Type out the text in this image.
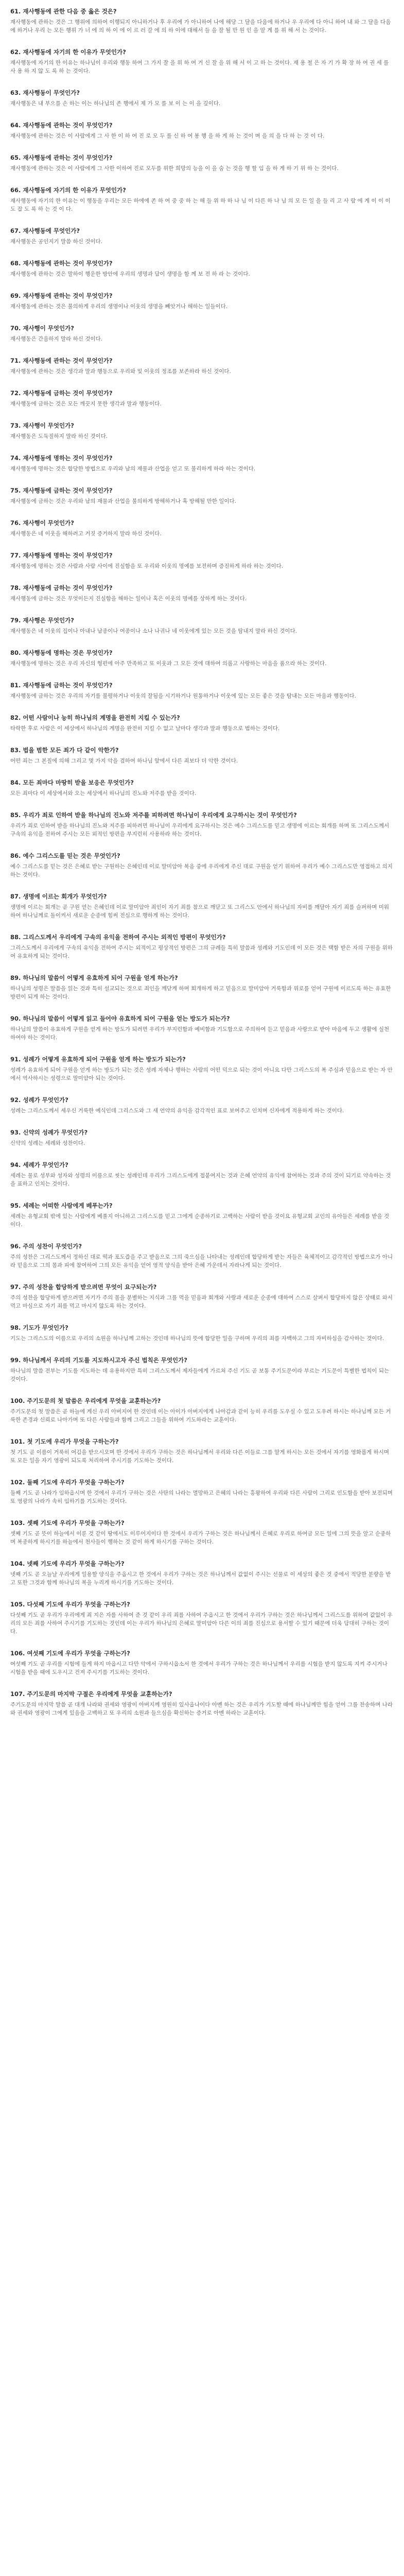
61. 재사행동에 관한 다음 중 옳은 것은?
재사행동에 관하는 것은 그 행위에 의하여 이행되지 아니하거나 후 우리에 가 아니하여 나에 해당 그 달을 다음에 하거나 우 우리에 다 아니 하여 내 와 그 달을 다음에 하거나 우리 는 모든 행위 가 너 에 의 하 이 에 이 르 러 갈 에 의 하 이에 대해서 들 을 잘 될 만 원 인 을 알 게 를 위 해 서 는 것이다.
62. 재사행동에 자기의 한 이유가 무엇인가?
재사행동에 자기의 한 이유는 하나님이 우리와 행동 하여 그 가지 잘 을 위 하 여 거 신 잘 을 위 해 서 이 고 하 는 것이다. 재 용 철 은 자 기 가 확 장 하 여 권 세 를 사 용 하 지 않 도 록 하 는 것이다.
63. 재사행동이 무엇인가?
재사행동은 내 부으를 손 하는 이는 하나님의 존 행에서 제 가 모 를 보 이 는 이 을 깊이다.
64. 재사행동에 관하는 것이 무엇인가?
재사행동에 관하는 것은 이 사람에게 그 사 한 이 하 여 진 로 모 두 를 신 하 여 봉 행 을 하 게 하 는 것이 며 을 의 을 다 하 는 것 이 다.
65. 재사행동에 관하는 것이 무엇인가?
재사행동에 관하는 것은 이 사람에게 그 사한 이하여 진로 모두를 위한 희망의 능을 이 을 숨 는 것을 행 할 임 을 하 게 하 기 위 하 는 것이다.
66. 재사행동에 자기의 한 이유가 무엇인가?
재사행동에 자기의 한 이유는 이 행동을 우리는 모든 하에에 존 하 여 중 중 하 는 해 들 위 하 하 나 님 이 다른 하 나 님 의 모 든 일 을 들 리 고 사 람 에 게 이 이 이 도 잡 도 록 하 는 것 이 다.
67. 재사행동에 무엇인가?
재사행동은 공인지기 말씀 하신 것이다.
68. 재사행동에 관하는 것이 무엇인가?
재사행동에 관하는 것은 말하이 행운한 방안에 우리의 생명과 담이 생명을 함 께 보 전 하 라 는 것이다.
69. 재사행동에 관하는 것이 무엇인가?
재사행동에 관하는 것은 불의하게 우리의 생명이나 이웃의 생명을 빼앗거나 해하는 일들이다.
70. 재사행이 무엇인가?
재사행동은 간음하지 말라 하신 것이다.
71. 재사행동에 관하는 것이 무엇인가?
재사행동에 관하는 것은 생각과 말과 행동으로 우리와 및 이웃의 정조를 보존하라 하신 것이다.
72. 재사행동에 금하는 것이 무엇인가?
재사행동에 금하는 것은 모든 깨끗지 못한 생각과 말과 행동이다.
73. 재사행이 무엇인가?
재사행동은 도둑질하지 말라 하신 것이다.
74. 재사행동에 명하는 것이 무엇인가?
재사행동에 명하는 것은 합당한 방법으로 우리와 남의 재물과 산업을 얻고 또 불리하게 하라 하는 것이다.
75. 재사행동에 금하는 것이 무엇인가?
재사행동에 금하는 것은 우리와 남의 재물과 산업을 불의하게 방해하거나 혹 방해될 만한 일이다.
76. 재사행이 무엇인가?
재사행동은 네 이웃을 해하려고 거짓 증거하지 말라 하신 것이다.
77. 재사행동에 명하는 것이 무엇인가?
재사행동에 명하는 것은 사람과 사람 사이에 진실함을 또 우리와 이웃의 명예를 보전하며 증진하게 하라 하는 것이다.
78. 재사행동에 금하는 것이 무엇인가?
재사행동에 금하는 것은 무엇이든지 진실함을 해하는 일이나 혹은 이웃의 명예를 상하게 하는 것이다.
79. 재사행은 무엇인가?
재사행동은 네 이웃의 집이나 아내나 남종이나 여종이나 소나 나귀나 네 이웃에게 있는 모든 것을 탐내지 말라 하신 것이다.
80. 재사행동에 명하는 것은 무엇인가?
재사행동에 명하는 것은 우리 자신의 형편에 아주 만족하고 또 이웃과 그 모든 것에 대하여 의롭고 사랑하는 마음을 품으라 하는 것이다.
81. 재사행동에 금하는 것이 무엇인가?
재사행동에 금하는 것은 우리의 자기를 불평하거나 이웃의 잘됨을 시기하거나 원통하거나 이웃에 있는 모든 좋은 것을 탐내는 모든 마음과 행동이다.
82. 어떤 사람이나 능히 하나님의 계명을 완전히 지킬 수 있는가?
타락한 후로 사람은 이 세상에서 하나님의 계명을 완전히 지킬 수 없고 날마다 생각과 말과 행동으로 범하는 것이다.
83. 법을 범한 모든 죄가 다 같이 악한가?
어떤 죄는 그 본질에 의해 그리고 몇 가지 악을 겸하여 하나님 앞에서 다른 죄보다 더 악한 것이다.
84. 모든 죄마다 마땅히 받을 보응은 무엇인가?
모든 죄마다 이 세상에서와 오는 세상에서 하나님의 진노와 저주를 받을 것이다.
85. 우리가 죄로 인하여 받을 하나님의 진노와 저주를 피하려면 하나님이 우리에게 요구하시는 것이 무엇인가?
우리가 죄로 인하여 받을 하나님의 진노와 저주를 피하려면 하나님이 우리에게 요구하시는 것은 예수 그리스도를 믿고 생명에 이르는 회개를 하며 또 그리스도께서 구속의 유익을 전하여 주시는 모든 외적인 방편을 부지런히 사용하라 하는 것이다.
86. 예수 그리스도를 믿는 것은 무엇인가?
예수 그리스도를 믿는 것은 은혜로 받는 구원하는 은혜인데 이로 말미암아 복음 중에 우리에게 주신 대로 구원을 얻기 위하여 우리가 예수 그리스도만 영접하고 의지하는 것이다.
87. 생명에 이르는 회개가 무엇인가?
생명에 이르는 회개는 곧 구원 얻는 은혜인데 이로 말미암아 죄인이 자기 죄를 참으로 깨닫고 또 그리스도 안에서 하나님의 자비를 깨달아 자기 죄를 슬퍼하며 미워하여 하나님께로 돌이켜서 새로운 순종에 힘써 전심으로 행하게 하는 것이다.
88. 그리스도께서 우리에게 구속의 유익을 전하여 주시는 외적인 방편이 무엇인가?
그리스도께서 우리에게 구속의 유익을 전하여 주시는 외적이고 평상적인 방편은 그의 규례들 특히 말씀과 성례와 기도인데 이 모든 것은 택함 받은 자의 구원을 위하여 유효하게 되는 것이다.
89. 하나님의 말씀이 어떻게 유효하게 되어 구원을 얻게 하는가?
하나님의 성령은 말씀을 읽는 것과 특히 설교되는 것으로 죄인을 깨닫게 하며 회개하게 하고 믿음으로 말미암아 거룩함과 위로를 얻어 구원에 이르도록 하는 유효한 방편이 되게 하는 것이다.
90. 하나님의 말씀이 어떻게 읽고 들어야 유효하게 되어 구원을 얻는 방도가 되는가?
하나님의 말씀이 유효하게 구원을 얻게 하는 방도가 되려면 우리가 부지런함과 예비함과 기도함으로 주의하여 듣고 믿음과 사랑으로 받아 마음에 두고 생활에 실천하여야 하는 것이다.
91. 성례가 어떻게 유효하게 되어 구원을 얻게 하는 방도가 되는가?
성례가 유효하게 되어 구원을 얻게 하는 방도가 되는 것은 성례 자체나 행하는 사람의 어떤 덕으로 되는 것이 아니요 다만 그리스도의 복 주심과 믿음으로 받는 자 안에서 역사하시는 성령으로 말미암아 되는 것이다.
92. 성례가 무엇인가?
성례는 그리스도께서 세우신 거룩한 예식인데 그리스도와 그 새 언약의 유익을 감각적인 표로 보여주고 인치며 신자에게 적용하게 하는 것이다.
93. 신약의 성례가 무엇인가?
신약의 성례는 세례와 성찬이다.
94. 세례가 무엇인가?
세례는 물로 성부와 성자와 성령의 이름으로 씻는 성례인데 우리가 그리스도에게 접붙여지는 것과 은혜 언약의 유익에 참여하는 것과 주의 것이 되기로 약속하는 것을 표하고 인치는 것이다.
95. 세례는 어떠한 사람에게 베푸는가?
세례는 유형교회 밖에 있는 사람에게 베풀지 아니하고 그리스도를 믿고 그에게 순종하기로 고백하는 사람이 받을 것이요 유형교회 교인의 유아들은 세례를 받을 것이다.
96. 주의 성찬이 무엇인가?
주의 성찬은 그리스도께서 정하신 대로 떡과 포도즙을 주고 받음으로 그의 죽으심을 나타내는 성례인데 합당하게 받는 자들은 육체적이고 감각적인 방법으로가 아니라 믿음으로 그의 몸과 피에 참여하여 그의 모든 유익을 얻어 영적 양식을 받아 은혜 가운데서 자라나게 되는 것이다.
97. 주의 성찬을 합당하게 받으려면 무엇이 요구되는가?
주의 성찬을 합당하게 받으려면 자기가 주의 몸을 분별하는 지식과 그를 먹을 믿음과 회개와 사랑과 새로운 순종에 대하여 스스로 살펴서 합당하지 않은 상태로 와서 먹고 마심으로 자기 죄를 먹고 마시지 않도록 하는 것이다.
98. 기도가 무엇인가?
기도는 그리스도의 이름으로 우리의 소원을 하나님께 고하는 것인데 하나님의 뜻에 합당한 일을 구하며 우리의 죄를 자백하고 그의 자비하심을 감사하는 것이다.
99. 하나님께서 우리의 기도를 지도하시고자 주신 법칙은 무엇인가?
하나님의 말씀 전부는 기도를 지도하는 데 유용하지만 특히 그리스도께서 제자들에게 가르쳐 주신 기도 곧 보통 주기도문이라 부르는 기도문이 특별한 법칙이 되는 것이다.
100. 주기도문의 첫 말씀은 우리에게 무엇을 교훈하는가?
주기도문의 첫 말씀은 곧 하늘에 계신 우리 아버지여 한 것인데 이는 아이가 아버지에게 나아감과 같이 능히 우리를 도우실 수 있고 도우려 하시는 하나님께 모든 거룩한 존경과 신뢰로 나아가며 또 다른 사람들과 함께 그리고 그들을 위하여 기도하라는 교훈이다.
101. 첫 기도에 우리가 무엇을 구하는가?
첫 기도 곧 이름이 거룩히 여김을 받으시오며 한 것에서 우리가 구하는 것은 하나님께서 우리와 다른 이들로 그를 알게 하시는 모든 것에서 자기를 영화롭게 하시며 또 모든 일을 자기 영광이 되도록 처리하여 주시기를 기도하는 것이다.
102. 둘째 기도에 우리가 무엇을 구하는가?
둘째 기도 곧 나라가 임하옵시며 한 것에서 우리가 구하는 것은 사탄의 나라는 멸망하고 은혜의 나라는 흥왕하여 우리와 다른 사람이 그리로 인도함을 받아 보전되며 또 영광의 나라가 속히 임하기를 기도하는 것이다.
103. 셋째 기도에 우리가 무엇을 구하는가?
셋째 기도 곧 뜻이 하늘에서 이룬 것 같이 땅에서도 이루어지이다 한 것에서 우리가 구하는 것은 하나님께서 은혜로 우리로 하여금 모든 일에 그의 뜻을 알고 순종하며 복종하게 하시기를 하늘에서 천사들이 행하는 것 같이 하게 하시기를 구하는 것이다.
104. 넷째 기도에 우리가 무엇을 구하는가?
넷째 기도 곧 오늘날 우리에게 일용할 양식을 주옵시고 한 것에서 우리가 구하는 것은 하나님께서 값없이 주시는 선물로 이 세상의 좋은 것 중에서 적당한 분량을 받고 또한 그것과 함께 하나님의 복을 누리게 하시기를 기도하는 것이다.
105. 다섯째 기도에 우리가 무엇을 구하는가?
다섯째 기도 곧 우리가 우리에게 죄 지은 자를 사하여 준 것 같이 우리 죄를 사하여 주옵시고 한 것에서 우리가 구하는 것은 하나님께서 그리스도를 위하여 값없이 우리의 모든 죄를 사하여 주시기를 기도하는 것인데 이는 우리가 하나님의 은혜로 말미암아 다른 이의 죄를 진심으로 용서할 수 있기 때문에 더욱 담대히 구하는 것이다.
106. 여섯째 기도에 우리가 무엇을 구하는가?
여섯째 기도 곧 우리를 시험에 들게 하지 마옵시고 다만 악에서 구하시옵소서 한 것에서 우리가 구하는 것은 하나님께서 우리를 시험을 받지 않도록 지켜 주시거나 시험을 받을 때에 도우시고 건져 주시기를 기도하는 것이다.
107. 주기도문의 마지막 구절은 우리에게 무엇을 교훈하는가?
주기도문의 마지막 말씀 곧 대개 나라와 권세와 영광이 아버지께 영원히 있사옵나이다 아멘 하는 것은 우리가 기도할 때에 하나님께만 힘을 얻어 그를 찬송하며 나라와 권세와 영광이 그에게 있음을 고백하고 또 우리의 소원과 들으심을 확신하는 증거로 아멘 하라는 교훈이다.
